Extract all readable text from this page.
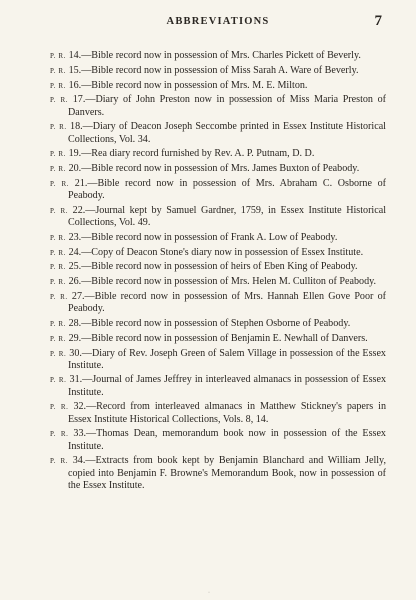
ABBREVIATIONS	7

P. R. 14.—Bible record now in possession of Mrs. Charles Pickett of Beverly.

P. R. 15.—Bible record now in possession of Miss Sarah A. Ware of Beverly.

P. R. 16.—Bible record now in possession of Mrs. M. E. Milton.

P. R. 17.—Diary of John Preston now in possession of Miss Maria Preston of Danvers.

P. R. 18.—Diary of Deacon Joseph Seccombe printed in Essex Institute Historical Collections, Vol. 34.

P. R. 19.—Rea diary record furnished by Rev. A. P. Putnam, D. D.

P. R. 20.—Bible record now in possession of Mrs. James Buxton of Peabody.

P. R. 21.—Bible record now in possession of Mrs. Abraham C. Osborne of Peabody.

P. R. 22.—Journal kept by Samuel Gardner, 1759, in Essex Institute Historical Collections, Vol. 49.

P. R. 23.—Bible record now in possession of Frank A. Low of Peabody.

P. R. 24.—Copy of Deacon Stone's diary now in possession of Essex Institute.

P. R. 25.—Bible record now in possession of heirs of Eben King of Peabody.

P. R. 26.—Bible record now in possession of Mrs. Helen M. Culliton of Peabody.

P. R. 27.—Bible record now in possession of Mrs. Hannah Ellen Gove Poor of Peabody.

P. R. 28.—Bible record now in possession of Stephen Osborne of Peabody.

P. R. 29.—Bible record now in possession of Benjamin E. Newhall of Danvers.

P. R. 30.—Diary of Rev. Joseph Green of Salem Village in possession of the Essex Institute.

P. R. 31.—Journal of James Jeffrey in interleaved almanacs in possession of Essex Institute.

P. R. 32.—Record from interleaved almanacs in Matthew Stickney's papers in Essex Institute Historical Collections, Vols. 8, 14.

P. R. 33.—Thomas Dean, memorandum book now in possession of the Essex Institute.

P. R. 34.—Extracts from book kept by Benjamin Blanchard and William Jelly, copied into Benjamin F. Browne's Memorandum Book, now in possession of the Essex Institute.

·
